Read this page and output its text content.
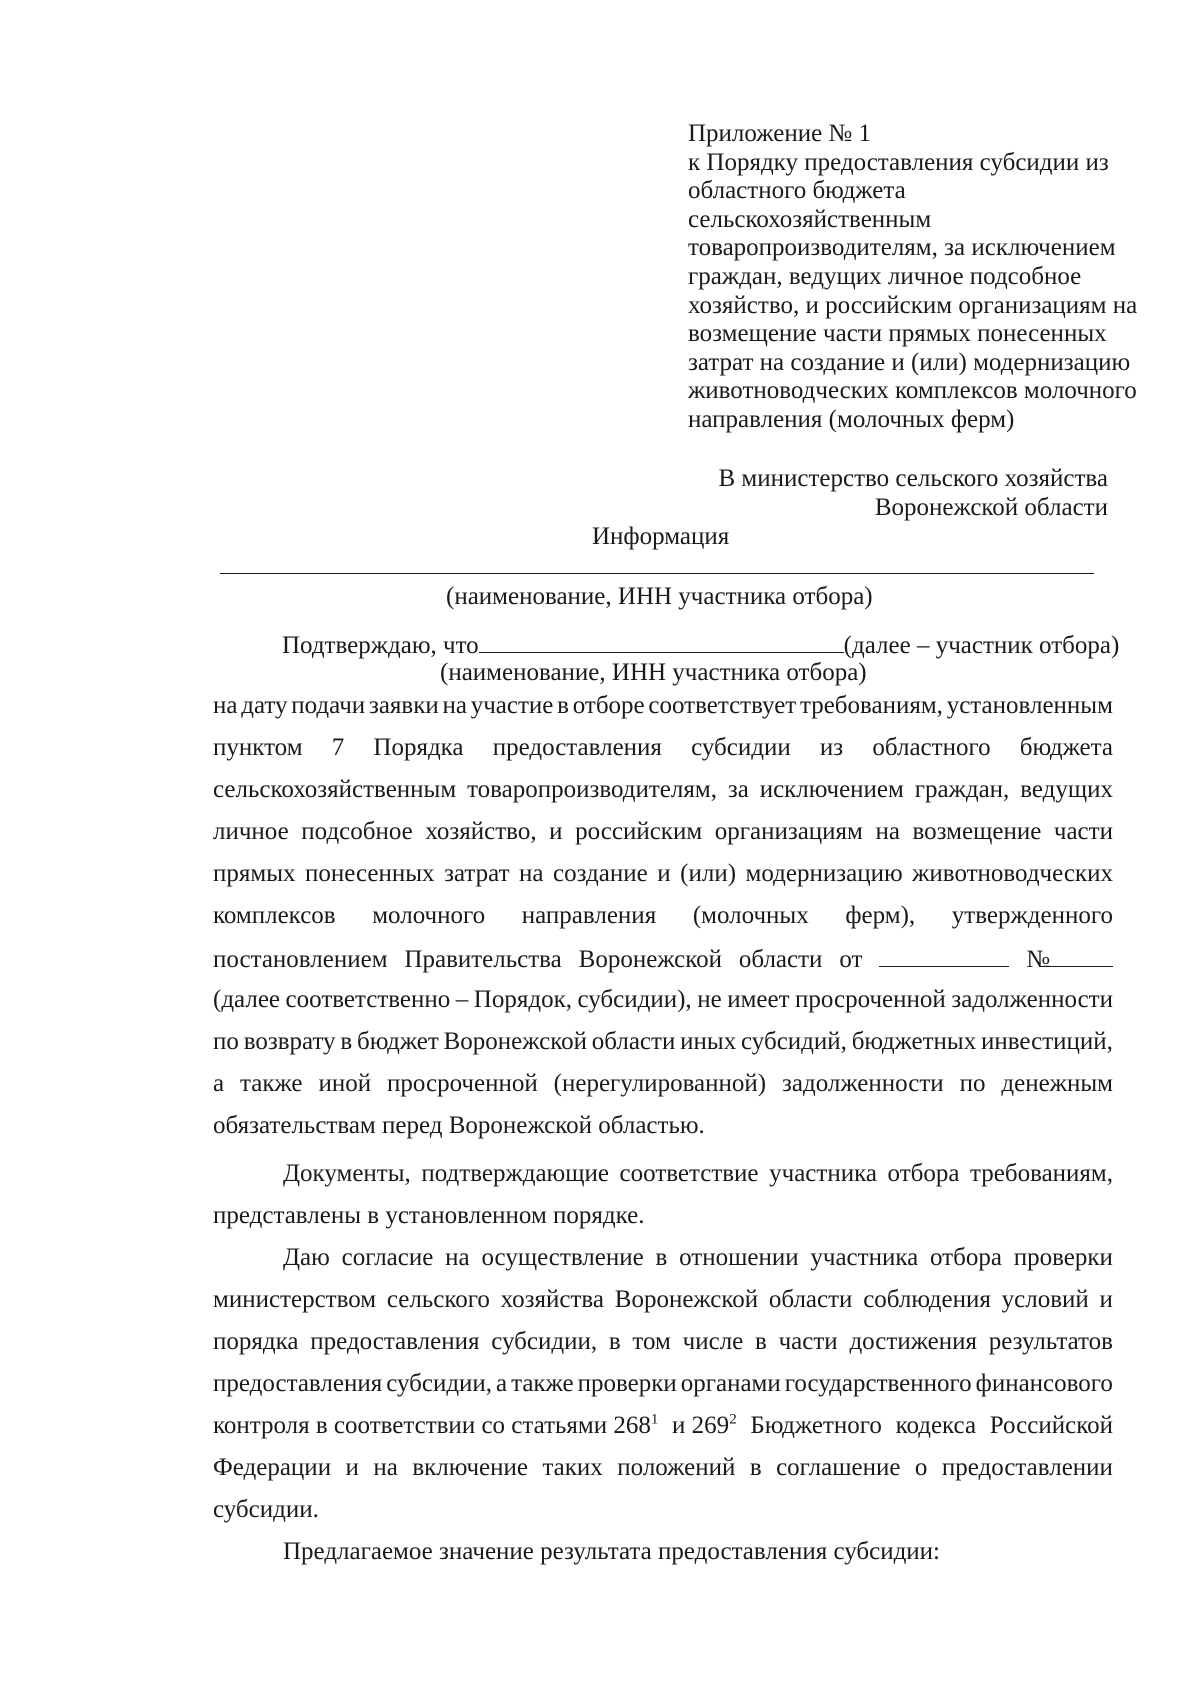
Приложение № 1
к Порядку предоставления субсидии из
областного бюджета
сельскохозяйственным
товаропроизводителям, за исключением
граждан, ведущих личное подсобное
хозяйство, и российским организациям на
возмещение части прямых понесенных
затрат на создание и (или) модернизацию
животноводческих комплексов молочного
направления (молочных ферм)
В министерство сельского хозяйства
Воронежской области
Информация
(наименование, ИНН участника отбора)
Подтверждаю, что	(далее – участник отбора)
(наименование, ИНН участника отбора)
на дату подачи заявки на участие в отборе соответствует требованиям, установленным
пунктом 7 Порядка предоставления субсидии из областного бюджета
сельскохозяйственным товаропроизводителям, за исключением граждан, ведущих
личное подсобное хозяйство, и российским организациям на возмещение части
прямых понесенных затрат на создание и (или) модернизацию животноводческих
комплексов молочного направления (молочных ферм), утвержденного
постановлением Правительства Воронежской области от	№
(далее соответственно – Порядок, субсидии), не имеет просроченной задолженности
по возврату в бюджет Воронежской области иных субсидий, бюджетных инвестиций,
а также иной просроченной (нерегулированной) задолженности по денежным
обязательствам перед Воронежской областью.
Документы, подтверждающие соответствие участника отбора требованиям,
представлены в установленном порядке.
Даю согласие на осуществление в отношении участника отбора проверки
министерством сельского хозяйства Воронежской области соблюдения условий и
порядка предоставления субсидии, в том числе в части достижения результатов
предоставления субсидии, а также проверки органами государственного финансового
контроля в соответствии со статьями $268^1$ и $269^2$ Бюджетного кодекса Российской
Федерации и на включение таких положений в соглашение о предоставлении
субсидии.
Предлагаемое значение результата предоставления субсидии:
